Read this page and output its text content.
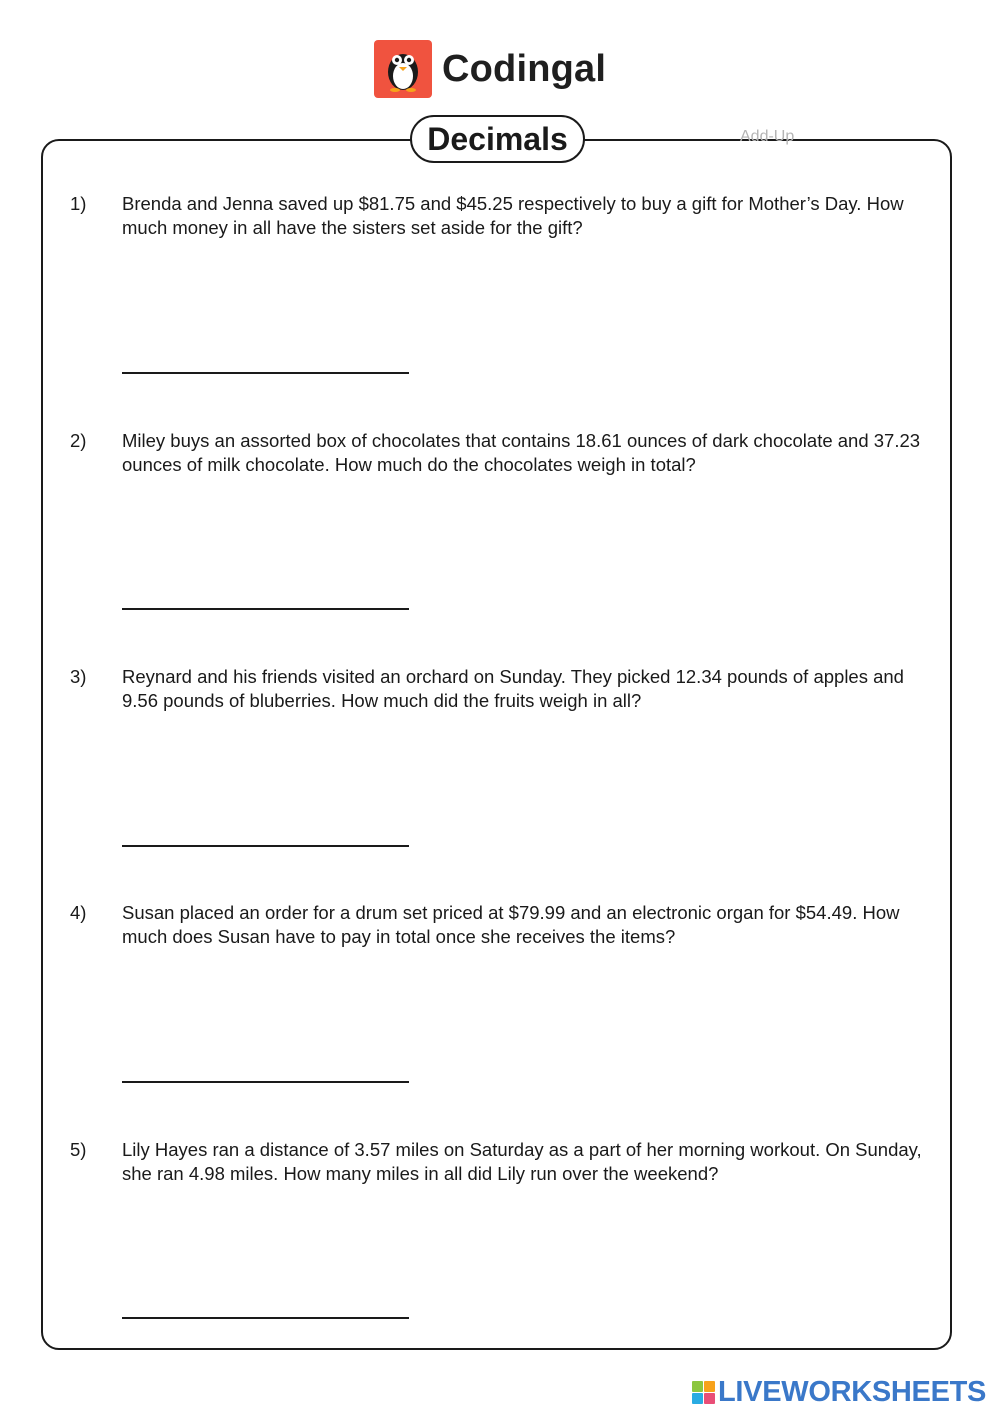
Codingal
Add-Up
Decimals
1) Brenda and Jenna saved up $81.75 and $45.25 respectively to buy a gift for Mother’s Day. How much money in all have the sisters set aside for the gift?
2) Miley buys an assorted box of chocolates that contains 18.61 ounces of dark chocolate and 37.23 ounces of milk chocolate. How much do the chocolates weigh in total?
3) Reynard and his friends visited an orchard on Sunday. They picked 12.34 pounds of apples and 9.56 pounds of bluberries. How much did the fruits weigh in all?
4) Susan placed an order for a drum set priced at $79.99 and an electronic organ for $54.49. How much does Susan have to pay in total once she receives the items?
5) Lily Hayes ran a distance of 3.57 miles on Saturday as a part of her morning workout. On Sunday, she ran 4.98 miles. How many miles in all did Lily run over the weekend?
LIVEWORKSHEETS
